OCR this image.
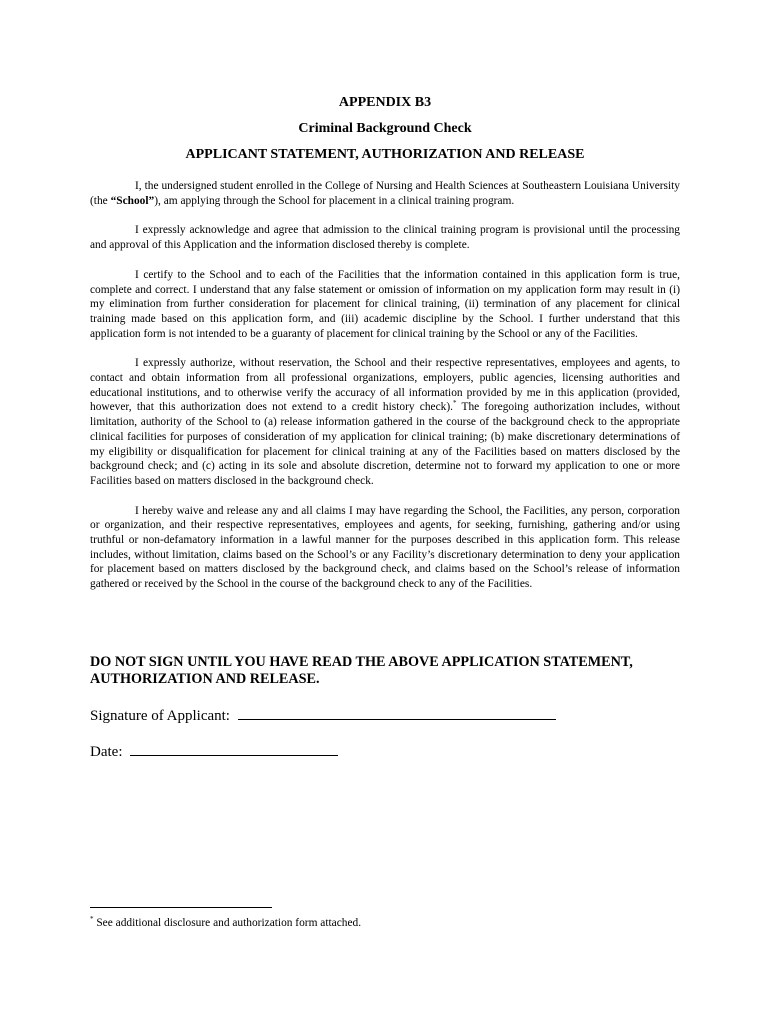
APPENDIX B3
Criminal Background Check
APPLICANT STATEMENT, AUTHORIZATION AND RELEASE

I, the undersigned student enrolled in the College of Nursing and Health Sciences at Southeastern Louisiana University (the “School”), am applying through the School for placement in a clinical training program.

I expressly acknowledge and agree that admission to the clinical training program is provisional until the processing and approval of this Application and the information disclosed thereby is complete.

I certify to the School and to each of the Facilities that the information contained in this application form is true, complete and correct. I understand that any false statement or omission of information on my application form may result in (i) my elimination from further consideration for placement for clinical training, (ii) termination of any placement for clinical training made based on this application form, and (iii) academic discipline by the School. I further understand that this application form is not intended to be a guaranty of placement for clinical training by the School or any of the Facilities.

I expressly authorize, without reservation, the School and their respective representatives, employees and agents, to contact and obtain information from all professional organizations, employers, public agencies, licensing authorities and educational institutions, and to otherwise verify the accuracy of all information provided by me in this application (provided, however, that this authorization does not extend to a credit history check).* The foregoing authorization includes, without limitation, authority of the School to (a) release information gathered in the course of the background check to the appropriate clinical facilities for purposes of consideration of my application for clinical training; (b) make discretionary determinations of my eligibility or disqualification for placement for clinical training at any of the Facilities based on matters disclosed by the background check; and (c) acting in its sole and absolute discretion, determine not to forward my application to one or more Facilities based on matters disclosed in the background check.

I hereby waive and release any and all claims I may have regarding the School, the Facilities, any person, corporation or organization, and their respective representatives, employees and agents, for seeking, furnishing, gathering and/or using truthful or non-defamatory information in a lawful manner for the purposes described in this application form. This release includes, without limitation, claims based on the School’s or any Facility’s discretionary determination to deny your application for placement based on matters disclosed by the background check, and claims based on the School’s release of information gathered or received by the School in the course of the background check to any of the Facilities.

DO NOT SIGN UNTIL YOU HAVE READ THE ABOVE APPLICATION STATEMENT, AUTHORIZATION AND RELEASE.
Signature of Applicant:
Date:
* See additional disclosure and authorization form attached.
